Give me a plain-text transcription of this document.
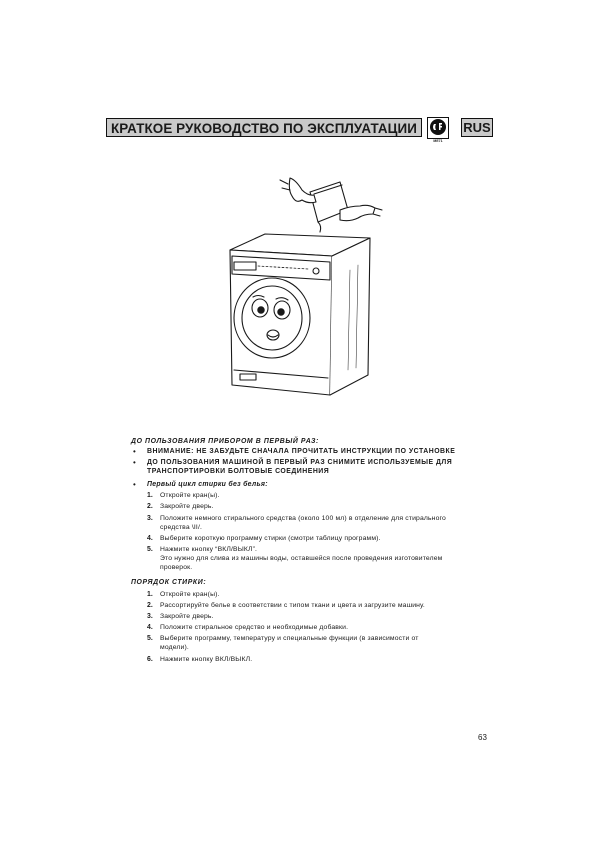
КРАТКОЕ РУКОВОДСТВО ПО ЭКСПЛУАТАЦИИ
МЕ71
RUS
ДО ПОЛЬЗОВАНИЯ ПРИБОРОМ В ПЕРВЫЙ РАЗ:
• ВНИМАНИЕ: НЕ ЗАБУДЬТЕ СНАЧАЛА ПРОЧИТАТЬ ИНСТРУКЦИИ ПО УСТАНОВКЕ
• ДО ПОЛЬЗОВАНИЯ МАШИНОЙ В ПЕРВЫЙ РАЗ СНИМИТЕ ИСПОЛЬЗУЕМЫЕ ДЛЯ
ТРАНСПОРТИРОВКИ БОЛТОВЫЕ СОЕДИНЕНИЯ
• Первый цикл стирки без белья:
1. Откройте кран(ы).
2. Закройте дверь.
3. Положите немного стирального средства (около 100 мл) в отделение для стирального
средства \II/.
4. Выберите короткую программу стирки (смотри таблицу программ).
5. Нажмите кнопку “ВКЛ/ВЫКЛ”.
Это нужно для слива из машины воды, оставшейся после проведения изготовителем
проверок.
ПОРЯДОК СТИРКИ:
1. Откройте кран(ы).
2. Рассортируйте белье в соответствии с типом ткани и цвета и загрузите машину.
3. Закройте дверь.
4. Положите стиральное средство и необходимые добавки.
5. Выберите программу, температуру и специальные функции (в зависимости от
модели).
6. Нажмите кнопку ВКЛ/ВЫКЛ.
63
